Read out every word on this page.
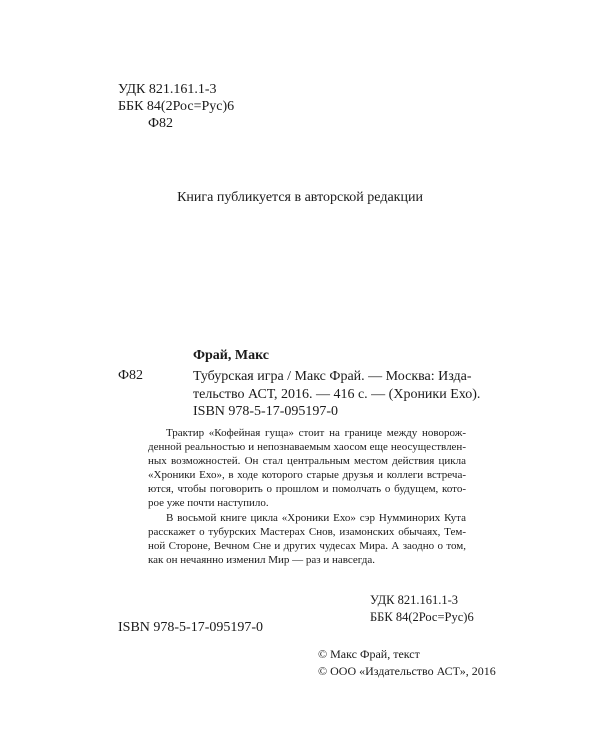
УДК 821.161.1-3
ББК 84(2Рос=Рус)6
Ф82
Книга публикуется в авторской редакции
Фрай, Макс
Ф82	Тубурская игра / Макс Фрай. — Москва: Изда-
тельство АСТ, 2016. — 416 с. — (Хроники Ехо).
ISBN 978-5-17-095197-0

Трактир «Кофейная гуща» стоит на границе между новорож-
денной реальностью и непознаваемым хаосом еще неосуществлен-
ных возможностей. Он стал центральным местом действия цикла
«Хроники Ехо», в ходе которого старые друзья и коллеги встреча-
ются, чтобы поговорить о прошлом и помолчать о будущем, кото-
рое уже почти наступило.

В восьмой книге цикла «Хроники Ехо» сэр Нумминорих Кута
расскажет о тубурских Мастерах Снов, изамонских обычаях, Тем-
ной Стороне, Вечном Сне и других чудесах Мира. А заодно о том,
как он нечаянно изменил Мир — раз и навсегда.

УДК 821.161.1-3
ББК 84(2Рос=Рус)6
ISBN 978-5-17-095197-0
© Макс Фрай, текст
© ООО «Издательство АСТ», 2016
